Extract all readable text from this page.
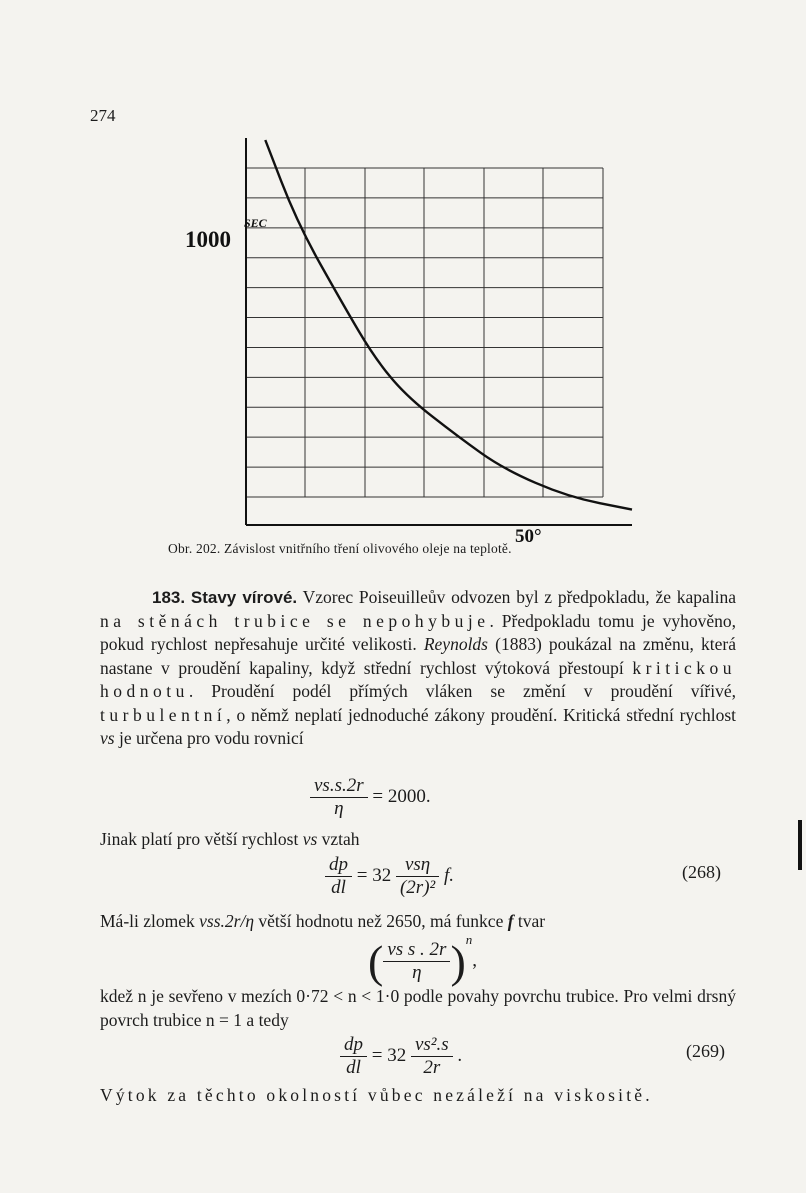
274
1000
SEC
50°
Obr. 202. Závislost vnitřního tření olivového oleje na teplotě.

183. Stavy vírové. Vzorec Poiseuilleův odvozen byl z předpokladu, že kapalina na stěnách trubice se nepohybuje. Předpokladu tomu je vyhověno, pokud rychlost nepřesahuje určité velikosti. Reynolds (1883) poukázal na změnu, která nastane v proudění kapaliny, když střední rychlost výtoková přestoupí kritickou hodnotu. Proudění podél přímých vláken se změní v proudění vířivé, turbulentní, o němž neplatí jednoduché zákony proudění. Kritická střední rychlost vs je určena pro vodu rovnicí

$\frac{vs.s.2r}{\eta} = 2000$.
Jinak platí pro větší rychlost vs vztah
$\frac{dp}{dl} = 32 \frac{\text{vsη}}{\text{(2r)²}} f$.	(268)
Má-li zlomek vss.2r/η větší hodnotu než 2650, má funkce f tvar
( $\frac{\text{vs s . 2r}}{\eta} )^n$,
kdež n je sevřeno v mezích 0·72 < n < 1·0 podle povahy povrchu trubice. Pro velmi drsný povrch trubice n = 1 a tedy
$\frac{dp}{dl} = 32 \frac{\text{vs².s}}{2r}$ .	(269)
Výtok za těchto okolností vůbec nezáleží na viskositě.
